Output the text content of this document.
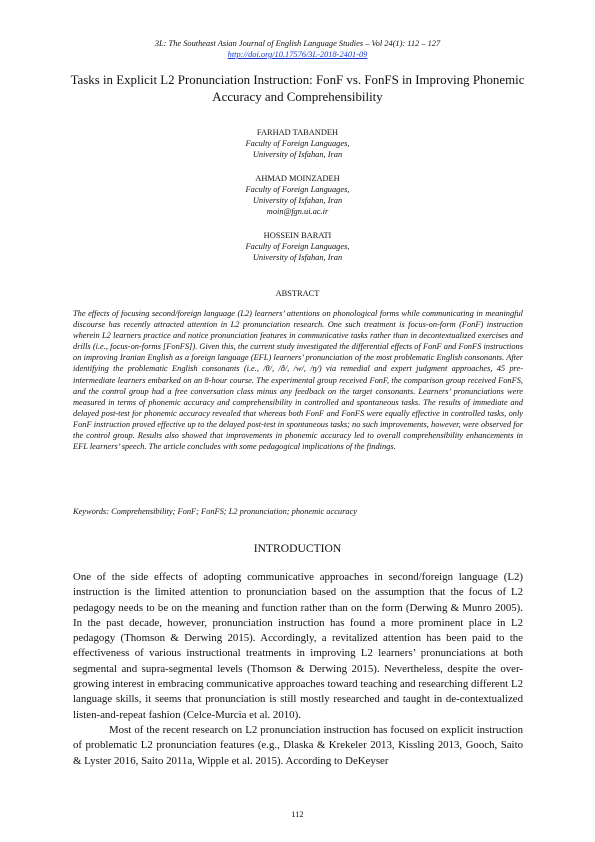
3L: The Southeast Asian Journal of English Language Studies – Vol 24(1): 112 – 127
http://doi.org/10.17576/3L-2018-2401-09
Tasks in Explicit L2 Pronunciation Instruction: FonF vs. FonFS in Improving Phonemic Accuracy and Comprehensibility
FARHAD TABANDEH
Faculty of Foreign Languages,
University of Isfahan, Iran
AHMAD MOINZADEH
Faculty of Foreign Languages,
University of Isfahan, Iran
moin@fgn.ui.ac.ir
HOSSEIN BARATI
Faculty of Foreign Languages,
University of Isfahan, Iran
ABSTRACT

The effects of focusing second/foreign language (L2) learners’ attentions on phonological forms while communicating in meaningful discourse has recently attracted attention in L2 pronunciation research. One such treatment is focus-on-form (FonF) instruction wherein L2 learners practice and notice pronunciation features in communicative tasks rather than in decontextualized exercises and drills (i.e., focus-on-forms [FonFS]). Given this, the current study investigated the differential effects of FonF and FonFS instructions on improving Iranian English as a foreign language (EFL) learners’ pronunciation of the most problematic English consonants. After identifying the problematic English consonants (i.e., /θ/, /ð/, /w/, /ŋ/) via remedial and expert judgment approaches, 45 pre-intermediate learners embarked on an 8-hour course. The experimental group received FonF, the comparison group received FonFS, and the control group had a free conversation class minus any feedback on the target consonants. Learners’ pronunciations were measured in terms of phonemic accuracy and comprehensibility in controlled and spontaneous tasks. The results of immediate and delayed post-test for phonemic accuracy revealed that whereas both FonF and FonFS were equally effective in controlled tasks, only FonF instruction proved effective up to the delayed post-test in spontaneous tasks; no such improvements, however, were observed for the control group. Results also showed that improvements in phonemic accuracy led to overall comprehensibility enhancements in EFL learners’ speech. The article concludes with some pedagogical implications of the findings.

Keywords: Comprehensibility; FonF; FonFS; L2 pronunciation; phonemic accuracy
INTRODUCTION

One of the side effects of adopting communicative approaches in second/foreign language (L2) instruction is the limited attention to pronunciation based on the assumption that the focus of L2 pedagogy needs to be on the meaning and function rather than on the form (Derwing & Munro 2005). In the past decade, however, pronunciation instruction has found a more prominent place in L2 pedagogy (Thomson & Derwing 2015). Accordingly, a revitalized attention has been paid to the effectiveness of various instructional treatments in improving L2 learners’ pronunciations at both segmental and supra-segmental levels (Thomson & Derwing 2015). Nevertheless, despite the over-growing interest in embracing communicative approaches toward teaching and researching different L2 language skills, it seems that pronunciation is still mostly researched and taught in de-contextualized listen-and-repeat fashion (Celce-Murcia et al. 2010).

Most of the recent research on L2 pronunciation instruction has focused on explicit instruction of problematic L2 pronunciation features (e.g., Dlaska & Krekeler 2013, Kissling 2013, Gooch, Saito & Lyster 2016, Saito 2011a, Wipple et al. 2015). According to DeKeyser

112
